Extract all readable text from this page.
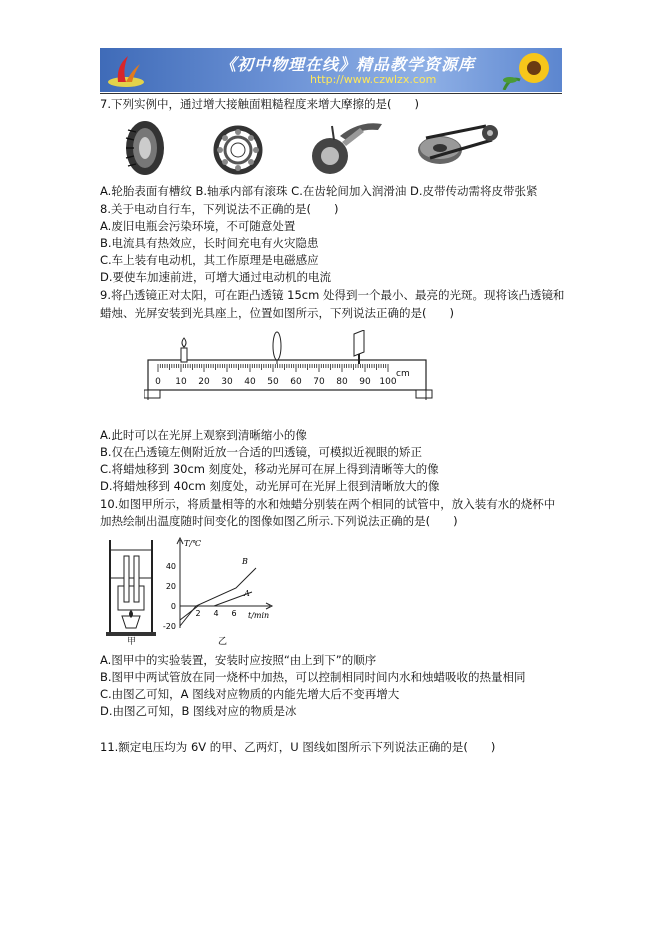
《初中物理在线》精品教学资源库
http://www.czwlzx.com
7.下列实例中，通过增大接触面粗糙程度来增大摩擦的是(　　)
A.轮胎表面有槽纹 B.轴承内部有滚珠 C.在齿轮间加入润滑油 D.皮带传动需将皮带张紧
8.关于电动自行车，下列说法不正确的是(　　)
A.废旧电瓶会污染环境，不可随意处置
B.电流具有热效应，长时间充电有火灾隐患
C.车上装有电动机，其工作原理是电磁感应
D.要使车加速前进，可增大通过电动机的电流
9.将凸透镜正对太阳，可在距凸透镜 15cm 处得到一个最小、最亮的光斑。现将该凸透镜和
蜡烛、光屏安装到光具座上，位置如图所示，下列说法正确的是(　　)
0 10 20 30 40 50 60 70 80 90 100
cm
A.此时可以在光屏上观察到清晰缩小的像
B.仅在凸透镜左侧附近放一合适的凹透镜，可模拟近视眼的矫正
C.将蜡烛移到 30cm 刻度处，移动光屏可在屏上得到清晰等大的像
D.将蜡烛移到 40cm 刻度处，动光屏可在光屏上很到清晰放大的像
10.如图甲所示，将质量相等的水和烛蜡分别装在两个相同的试管中，放入装有水的烧杯中
加热绘制出温度随时间变化的图像如图乙所示.下列说法正确的是(　　)
甲
T/℃
t/min
40
20
0
-20
2 4 6
B
A
乙
A.图甲中的实验装置，安装时应按照“由上到下”的顺序
B.图甲中两试管放在同一烧杯中加热，可以控制相同时间内水和烛蜡吸收的热量相同
C.由图乙可知，A 图线对应物质的内能先增大后不变再增大
D.由图乙可知，B 图线对应的物质是冰
11.额定电压均为 6V 的甲、乙两灯，U 图线如图所示下列说法正确的是(　　)
